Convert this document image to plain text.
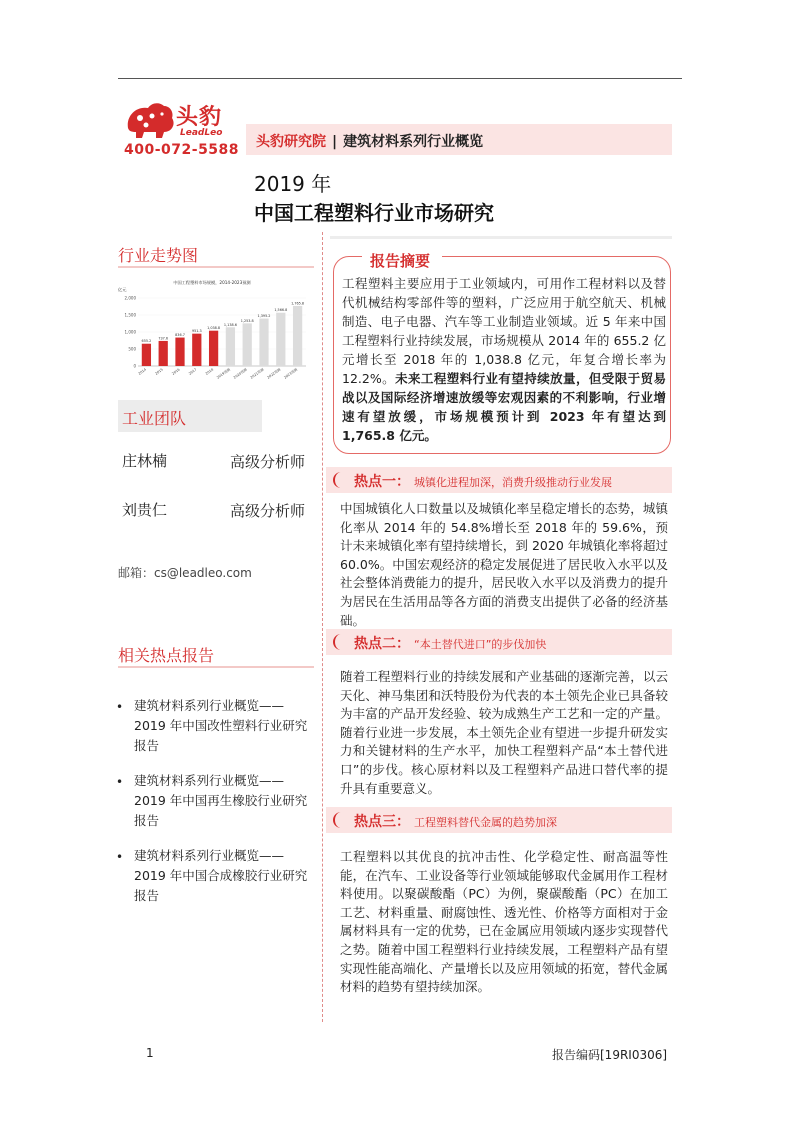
头豹
LeadLeo
400-072-5588 头豹研究院 | 建筑材料系列行业概览
2019 年
中国工程塑料行业市场研究
行业走势图
中国工程塑料市场规模，2014-2023预测
亿元
2,000
1,500
1,000
500
0
655.2
2014
737.6
2015
836.7
2016
951.3
2017
1,038.8
2018
1,138.6
2019预测
1,253.8
2020预测
1,395.2
2021预测
1,566.8
2022预测
1,765.8
2023预测
工业团队
庄林楠	高级分析师
刘贵仁	高级分析师
邮箱：cs@leadleo.com
相关热点报告
• 建筑材料系列行业概览——2019 年中国改性塑料行业研究报告
• 建筑材料系列行业概览——2019 年中国再生橡胶行业研究报告
• 建筑材料系列行业概览——2019 年中国合成橡胶行业研究报告
报告摘要
工程塑料主要应用于工业领域内，可用作工程材料以及替代机械结构零部件等的塑料，广泛应用于航空航天、机械制造、电子电器、汽车等工业制造业领域。近 5 年来中国工程塑料行业持续发展，市场规模从 2014 年的 655.2 亿元增长至 2018 年的 1,038.8 亿元，年复合增长率为 12.2%。未来工程塑料行业有望持续放量，但受限于贸易战以及国际经济增速放缓等宏观因素的不利影响，行业增速有望放缓，市场规模预计到 2023 年有望达到 1,765.8 亿元。
热点一： 城镇化进程加深，消费升级推动行业发展
中国城镇化人口数量以及城镇化率呈稳定增长的态势，城镇化率从 2014 年的 54.8%增长至 2018 年的 59.6%，预计未来城镇化率有望持续增长，到 2020 年城镇化率将超过 60.0%。中国宏观经济的稳定发展促进了居民收入水平以及社会整体消费能力的提升，居民收入水平以及消费力的提升为居民在生活用品等各方面的消费支出提供了必备的经济基础。
热点二： “本土替代进口”的步伐加快
随着工程塑料行业的持续发展和产业基础的逐渐完善，以云天化、神马集团和沃特股份为代表的本土领先企业已具备较为丰富的产品开发经验、较为成熟生产工艺和一定的产量。随着行业进一步发展，本土领先企业有望进一步提升研发实力和关键材料的生产水平，加快工程塑料产品“本土替代进口”的步伐。核心原材料以及工程塑料产品进口替代率的提升具有重要意义。
热点三： 工程塑料替代金属的趋势加深
工程塑料以其优良的抗冲击性、化学稳定性、耐高温等性能，在汽车、工业设备等行业领域能够取代金属用作工程材料使用。以聚碳酸酯（PC）为例，聚碳酸酯（PC）在加工工艺、材料重量、耐腐蚀性、透光性、价格等方面相对于金属材料具有一定的优势，已在金属应用领域内逐步实现替代之势。随着中国工程塑料行业持续发展，工程塑料产品有望实现性能高端化、产量增长以及应用领域的拓宽，替代金属材料的趋势有望持续加深。
1	报告编码[19RI0306]
